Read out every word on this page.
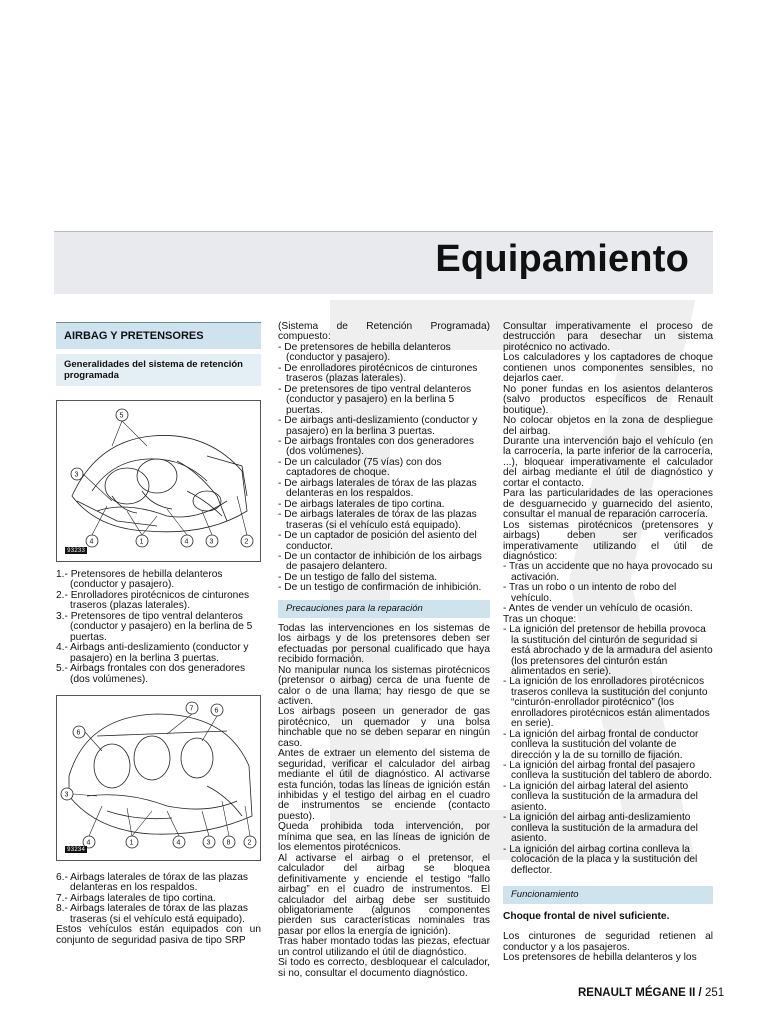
Equipamiento
AIRBAG Y PRETENSORES
Generalidades del sistema de retención programada
5
3
4	1	4	3	2
93233

1.- Pretensores de hebilla delanteros (conductor y pasajero).

2.- Enrolladores pirotécnicos de cinturones traseros (plazas laterales).

3.- Pretensores de tipo ventral delanteros (conductor y pasajero) en la berlina de 5 puertas.

4.- Airbags anti-deslizamiento (conductor y pasajero) en la berlina 3 puertas.

5.- Airbags frontales con dos generadores (dos volúmenes).

7	6
6
3
4	1	4	3 8 2
93234

6.- Airbags laterales de tórax de las plazas delanteras en los respaldos.

7.- Airbags laterales de tipo cortina.

8.- Airbags laterales de tórax de las plazas traseras (si el vehículo está equipado).

Estos vehículos están equipados con un conjunto de seguridad pasiva de tipo SRP

(Sistema de Retención Programada) compuesto:

- De pretensores de hebilla delanteros (conductor y pasajero).

- De enrolladores pirotécnicos de cinturones traseros (plazas laterales).

- De pretensores de tipo ventral delanteros (conductor y pasajero) en la berlina 5 puertas.

- De airbags anti-deslizamiento (conductor y pasajero) en la berlina 3 puertas.

- De airbags frontales con dos generadores (dos volúmenes).

- De un calculador (75 vías) con dos captadores de choque.

- De airbags laterales de tórax de las plazas delanteras en los respaldos.

- De airbags laterales de tipo cortina.

- De airbags laterales de tórax de las plazas traseras (si el vehículo está equipado).

- De un captador de posición del asiento del conductor.

- De un contactor de inhibición de los airbags de pasajero delantero.

- De un testigo de fallo del sistema.

- De un testigo de confirmación de inhibición.

Precauciones para la reparación

Todas las intervenciones en los sistemas de los airbags y de los pretensores deben ser efectuadas por personal cualificado que haya recibido formación.

No manipular nunca los sistemas pirotécnicos (pretensor o airbag) cerca de una fuente de calor o de una llama; hay riesgo de que se activen.

Los airbags poseen un generador de gas pirotécnico, un quemador y una bolsa hinchable que no se deben separar en ningún caso.

Antes de extraer un elemento del sistema de seguridad, verificar el calculador del airbag mediante el útil de diagnóstico. Al activarse esta función, todas las líneas de ignición están inhibidas y el testigo del airbag en el cuadro de instrumentos se enciende (contacto puesto).

Queda prohibida toda intervención, por mínima que sea, en las líneas de ignición de los elementos pirotécnicos.

Al activarse el airbag o el pretensor, el calculador del airbag se bloquea definitivamente y enciende el testigo “fallo airbag” en el cuadro de instrumentos. El calculador del airbag debe ser sustituido obligatoriamente (algunos componentes pierden sus características nominales tras pasar por ellos la energía de ignición).

Tras haber montado todas las piezas, efectuar un control utilizando el útil de diagnóstico.

Si todo es correcto, desbloquear el calculador, si no, consultar el documento diagnóstico.

Consultar imperativamente el proceso de destrucción para desechar un sistema pirotécnico no activado.

Los calculadores y los captadores de choque contienen unos componentes sensibles, no dejarlos caer.

No poner fundas en los asientos delanteros (salvo productos específicos de Renault boutique).

No colocar objetos en la zona de despliegue del airbag.

Durante una intervención bajo el vehículo (en la carrocería, la parte inferior de la carrocería, ...), bloquear imperativamente el calculador del airbag mediante el útil de diagnóstico y cortar el contacto.

Para las particularidades de las operaciones de desguarnecido y guarnecido del asiento, consultar el manual de reparación carrocería.

Los sistemas pirotécnicos (pretensores y airbags) deben ser verificados imperativamente utilizando el útil de diagnóstico:

- Tras un accidente que no haya provocado su activación.

- Tras un robo o un intento de robo del vehículo.

- Antes de vender un vehículo de ocasión.

Tras un choque:

- La ignición del pretensor de hebilla provoca la sustitución del cinturón de seguridad si está abrochado y de la armadura del asiento (los pretensores del cinturón están alimentados en serie).

- La ignición de los enrolladores pirotécnicos traseros conlleva la sustitución del conjunto “cinturón-enrollador pirotécnico” (los enrolladores pirotécnicos están alimentados en serie).

- La ignición del airbag frontal de conductor conlleva la sustitución del volante de dirección y la de su tornillo de fijación.

- La ignición del airbag frontal del pasajero conlleva la sustitución del tablero de abordo.

- La ignición del airbag lateral del asiento conlleva la sustitución de la armadura del asiento.

- La ignición del airbag anti-deslizamiento conlleva la sustitución de la armadura del asiento.

- La ignición del airbag cortina conlleva la colocación de la placa y la sustitución del deflector.

Funcionamiento

Choque frontal de nivel suficiente.

Los cinturones de seguridad retienen al conductor y a los pasajeros.

Los pretensores de hebilla delanteros y los

RENAULT MÉGANE II / 251
